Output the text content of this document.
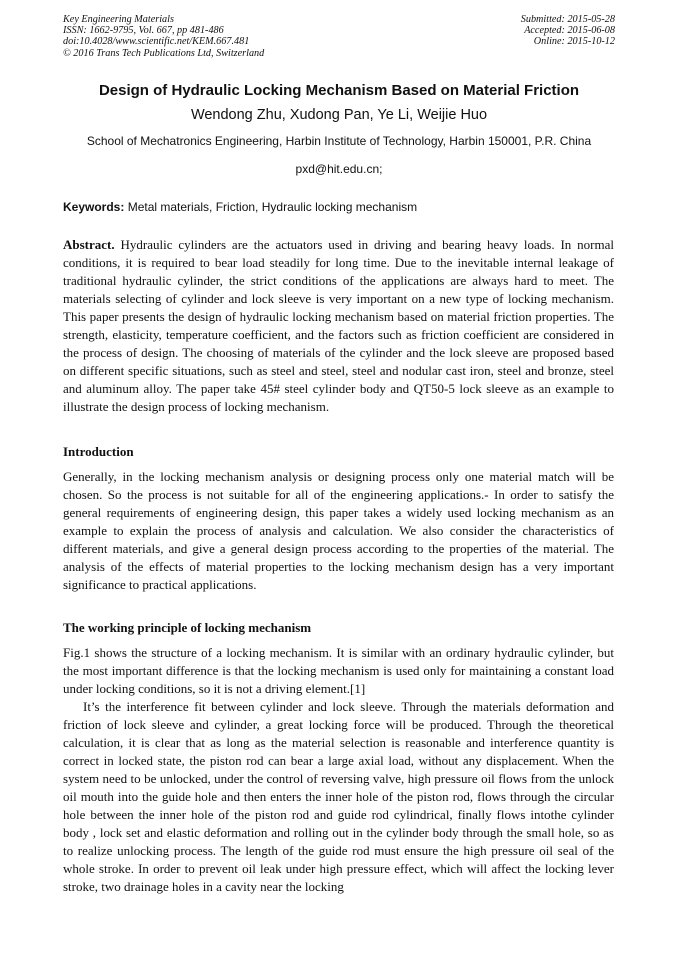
Key Engineering Materials
ISSN: 1662-9795, Vol. 667, pp 481-486
doi:10.4028/www.scientific.net/KEM.667.481
© 2016 Trans Tech Publications Ltd, Switzerland
Submitted: 2015-05-28
Accepted: 2015-06-08
Online: 2015-10-12
Design of Hydraulic Locking Mechanism Based on Material Friction
Wendong Zhu, Xudong Pan, Ye Li, Weijie Huo
School of Mechatronics Engineering, Harbin Institute of Technology, Harbin 150001, P.R. China
pxd@hit.edu.cn;
Keywords: Metal materials, Friction, Hydraulic locking mechanism
Abstract. Hydraulic cylinders are the actuators used in driving and bearing heavy loads. In normal conditions, it is required to bear load steadily for long time. Due to the inevitable internal leakage of traditional hydraulic cylinder, the strict conditions of the applications are always hard to meet. The materials selecting of cylinder and lock sleeve is very important on a new type of locking mechanism. This paper presents the design of hydraulic locking mechanism based on material friction properties. The strength, elasticity, temperature coefficient, and the factors such as friction coefficient are considered in the process of design. The choosing of materials of the cylinder and the lock sleeve are proposed based on different specific situations, such as steel and steel, steel and nodular cast iron, steel and bronze, steel and aluminum alloy. The paper take 45# steel cylinder body and QT50-5 lock sleeve as an example to illustrate the design process of locking mechanism.
Introduction
Generally, in the locking mechanism analysis or designing process only one material match will be chosen. So the process is not suitable for all of the engineering applications.- In order to satisfy the general requirements of engineering design, this paper takes a widely used locking mechanism as an example to explain the process of analysis and calculation. We also consider the characteristics of different materials, and give a general design process according to the properties of the material. The analysis of the effects of material properties to the locking mechanism design has a very important significance to practical applications.
The working principle of locking mechanism
Fig.1 shows the structure of a locking mechanism. It is similar with an ordinary hydraulic cylinder, but the most important difference is that the locking mechanism is used only for maintaining a constant load under locking conditions, so it is not a driving element.[1]
It’s the interference fit between cylinder and lock sleeve. Through the materials deformation and friction of lock sleeve and cylinder, a great locking force will be produced. Through the theoretical calculation, it is clear that as long as the material selection is reasonable and interference quantity is correct in locked state, the piston rod can bear a large axial load, without any displacement. When the system need to be unlocked, under the control of reversing valve, high pressure oil flows from the unlock oil mouth into the guide hole and then enters the inner hole of the piston rod, flows through the circular hole between the inner hole of the piston rod and guide rod cylindrical, finally flows intothe cylinder body , lock set and elastic deformation and rolling out in the cylinder body through the small hole, so as to realize unlocking process. The length of the guide rod must ensure the high pressure oil seal of the whole stroke. In order to prevent oil leak under high pressure effect, which will affect the locking lever stroke, two drainage holes in a cavity near the locking
